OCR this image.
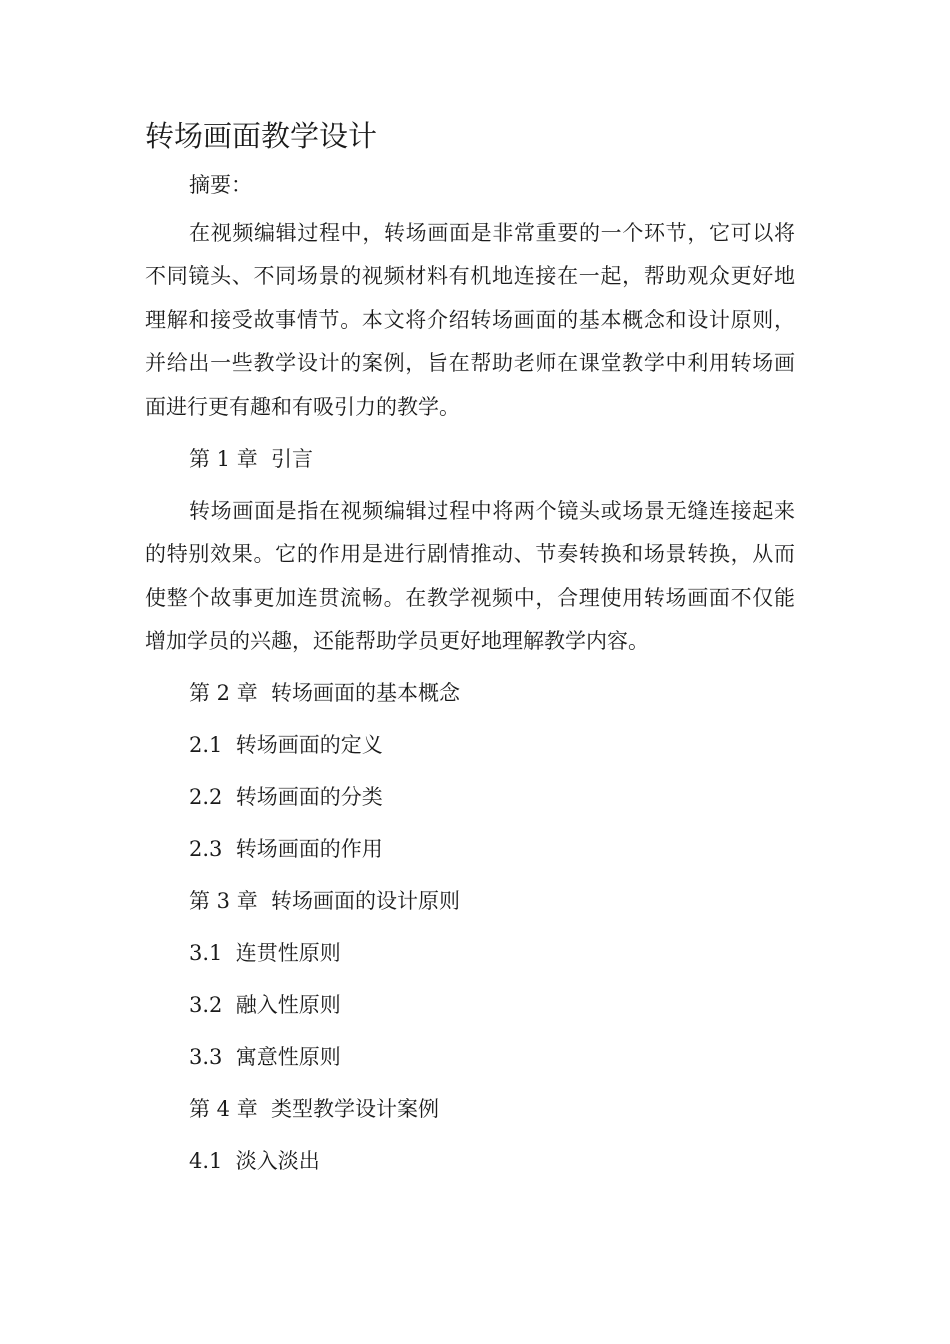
转场画面教学设计

摘要：

在视频编辑过程中，转场画面是非常重要的一个环节，它可以将不同镜头、不同场景的视频材料有机地连接在一起，帮助观众更好地理解和接受故事情节。本文将介绍转场画面的基本概念和设计原则，并给出一些教学设计的案例，旨在帮助老师在课堂教学中利用转场画面进行更有趣和有吸引力的教学。

第 1 章  引言

转场画面是指在视频编辑过程中将两个镜头或场景无缝连接起来的特别效果。它的作用是进行剧情推动、节奏转换和场景转换，从而使整个故事更加连贯流畅。在教学视频中，合理使用转场画面不仅能增加学员的兴趣，还能帮助学员更好地理解教学内容。

第 2 章  转场画面的基本概念

2.1  转场画面的定义

2.2  转场画面的分类

2.3  转场画面的作用

第 3 章  转场画面的设计原则

3.1  连贯性原则

3.2  融入性原则

3.3  寓意性原则

第 4 章  类型教学设计案例

4.1  淡入淡出
